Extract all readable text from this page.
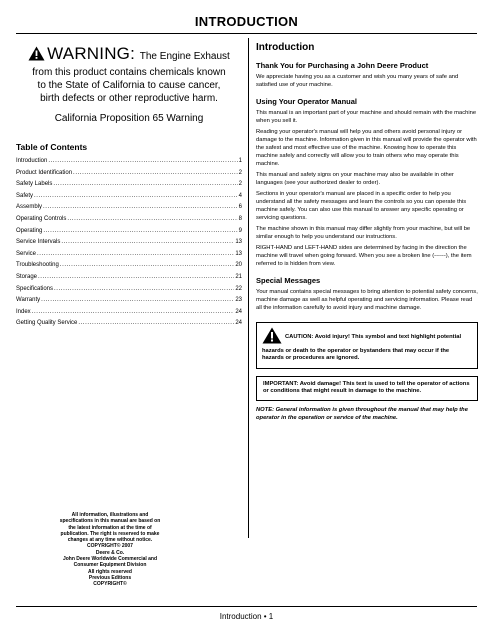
INTRODUCTION
WARNING: The Engine Exhaust
from this product contains chemicals known
to the State of California to cause cancer,
birth defects or other reproductive harm.
California Proposition 65 Warning
Table of Contents
Introduction .....	1
Product Identification .....	2
Safety Labels .....	2
Safety .....	4
Assembly .....	6
Operating Controls .....	8
Operating .....	9
Service Intervals .....	13
Service .....	13
Troubleshooting .....	20
Storage .....	21
Specifications .....	22
Warranty .....	23
Index .....	24
Getting Quality Service .....	24
Introduction
Thank You for Purchasing a John Deere Product

We appreciate having you as a customer and wish you many years of safe and satisfied use of your machine.

Using Your Operator Manual

This manual is an important part of your machine and should remain with the machine when you sell it.

Reading your operator's manual will help you and others avoid personal injury or damage to the machine. Information given in this manual will provide the operator with the safest and most effective use of the machine. Knowing how to operate this machine safely and correctly will allow you to train others who may operate this machine.

This manual and safety signs on your machine may also be available in other languages (see your authorized dealer to order).

Sections in your operator's manual are placed in a specific order to help you understand all the safety messages and learn the controls so you can operate this machine safely. You can also use this manual to answer any specific operating or servicing questions.

The machine shown in this manual may differ slightly from your machine, but will be similar enough to help you understand our instructions.

RIGHT-HAND and LEFT-HAND sides are determined by facing in the direction the machine will travel when going forward. When you see a broken line (------), the item referred to is hidden from view.

Special Messages

Your manual contains special messages to bring attention to potential safety concerns, machine damage as well as helpful operating and servicing information. Please read all the information carefully to avoid injury and machine damage.

CAUTION: Avoid injury! This symbol and text highlight potential hazards or death to the operator or bystanders that may occur if the hazards or procedures are ignored.
IMPORTANT: Avoid damage! This text is used to tell the operator of actions or conditions that might result in damage to the machine.
NOTE: General information is given throughout the manual that may help the operator in the operation or service of the machine.
All information, illustrations and
specifications in this manual are based on
the latest information at the time of
publication. The right is reserved to make
changes at any time without notice.
COPYRIGHT© 2007
Deere & Co.
John Deere Worldwide Commercial and
Consumer Equipment Division
All rights reserved
Previous Editions
COPYRIGHT©
Introduction • 1
